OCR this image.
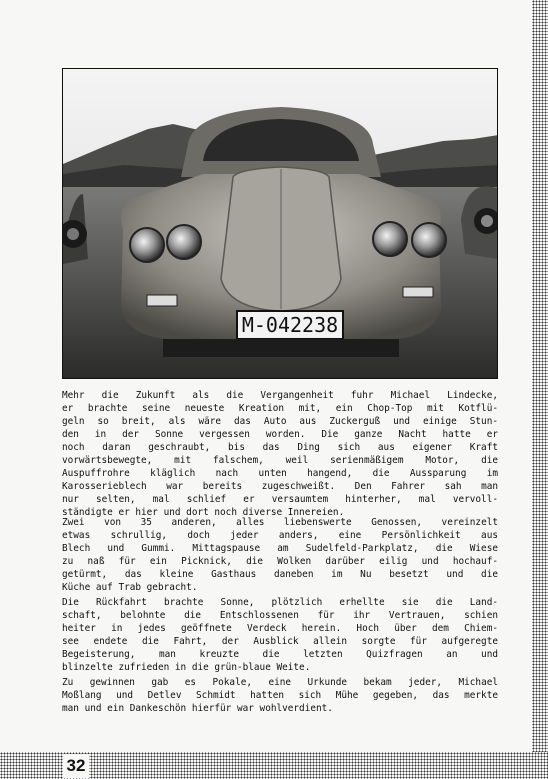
32
M-042238
Mehr die Zukunft als die Vergangenheit fuhr Michael Lindecke,
er brachte seine neueste Kreation mit, ein Chop-Top mit Kotflü-
geln so breit, als wäre das Auto aus Zuckerguß und einige Stun-
den in der Sonne vergessen worden. Die ganze Nacht hatte er
noch daran geschraubt, bis das Ding sich aus eigener Kraft
vorwärtsbewegte, mit falschem, weil serienmäßigem Motor, die
Auspuffrohre kläglich nach unten hangend, die Aussparung im
Karosserieblech war bereits zugeschweißt. Den Fahrer sah man
nur selten, mal schlief er versaumtem hinterher, mal vervoll-
ständigte er hier und dort noch diverse Innereien.
Zwei von 35 anderen, alles liebenswerte Genossen, vereinzelt
etwas schrullig, doch jeder anders, eine Persönlichkeit aus
Blech und Gummi. Mittagspause am Sudelfeld-Parkplatz, die Wiese
zu naß für ein Picknick, die Wolken darüber eilig und hochauf-
getürmt, das kleine Gasthaus daneben im Nu besetzt und die
Küche auf Trab gebracht.
Die Rückfahrt brachte Sonne, plötzlich erhellte sie die Land-
schaft, belohnte die Entschlossenen für ihr Vertrauen, schien
heiter in jedes geöffnete Verdeck herein. Hoch über dem Chiem-
see endete die Fahrt, der Ausblick allein sorgte für aufgeregte
Begeisterung, man kreuzte die letzten Quizfragen an und
blinzelte zufrieden in die grün-blaue Weite.
Zu gewinnen gab es Pokale, eine Urkunde bekam jeder, Michael
Moßlang und Detlev Schmidt hatten sich Mühe gegeben, das merkte
man und ein Dankeschön hierfür war wohlverdient.
